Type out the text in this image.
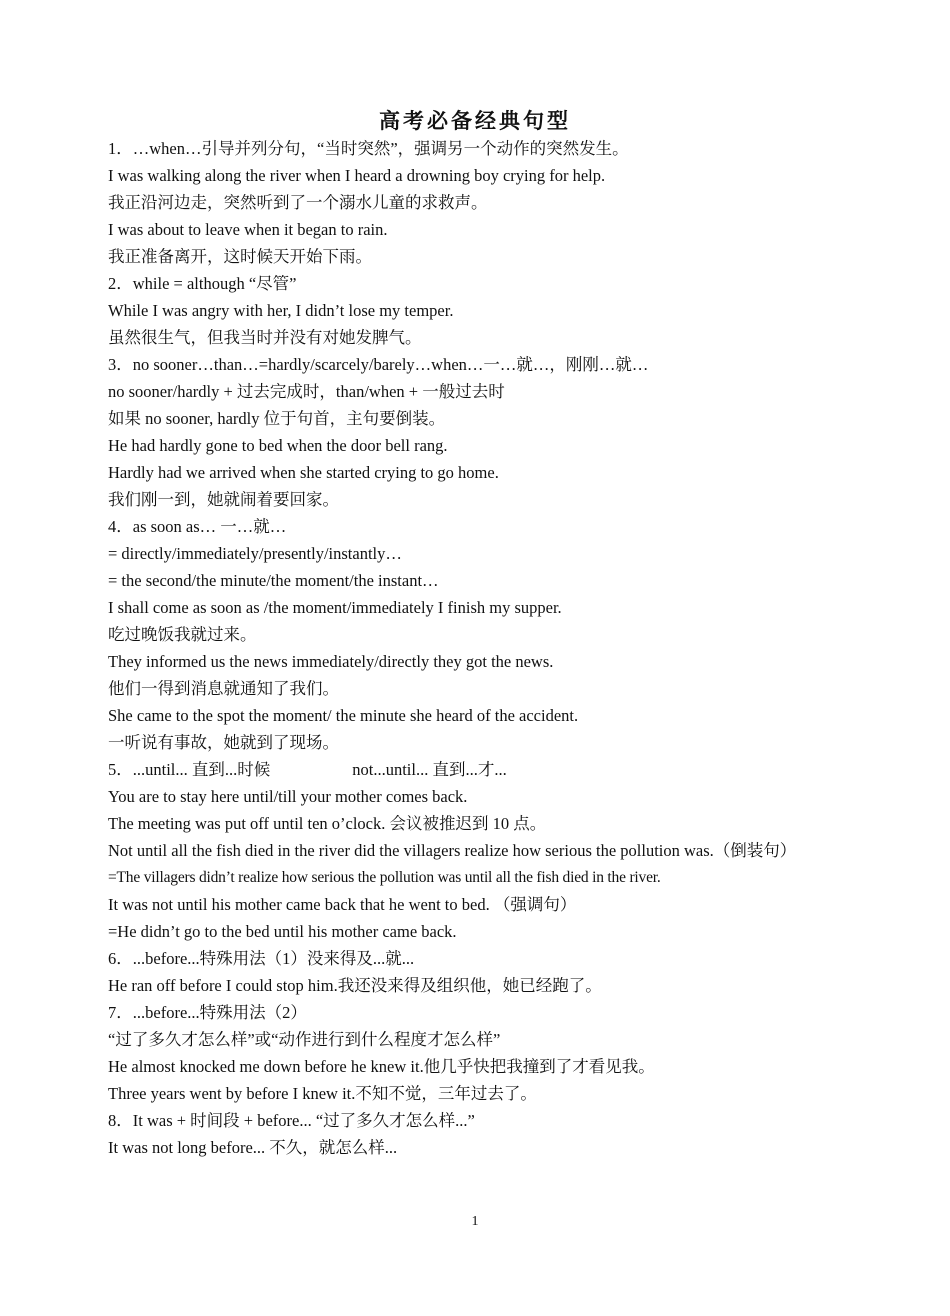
高考必备经典句型
1．…when…引导并列分句，“当时突然”，强调另一个动作的突然发生。
I was walking along the river when I heard a drowning boy crying for help.
我正沿河边走，突然听到了一个溺水儿童的求救声。
I was about to leave when it began to rain.
我正准备离开，这时候天开始下雨。
2．while = although “尽管”
While I was angry with her, I didn’t lose my temper.
虽然很生气，但我当时并没有对她发脾气。
3．no sooner…than…=hardly/scarcely/barely…when…一…就…，刚刚…就…
no sooner/hardly + 过去完成时，than/when + 一般过去时
如果 no sooner, hardly 位于句首，主句要倒装。
He had hardly gone to bed when the door bell rang.
Hardly had we arrived when she started crying to go home.
我们刚一到，她就闹着要回家。
4．as soon as… 一…就…
= directly/immediately/presently/instantly…
= the second/the minute/the moment/the instant…
I shall come as soon as /the moment/immediately I finish my supper.
吃过晚饭我就过来。
They informed us the news immediately/directly they got the news.
他们一得到消息就通知了我们。
She came to the spot the moment/ the minute she heard of the accident.
一听说有事故，她就到了现场。
5．...until... 直到...时候	not...until... 直到...才...
You are to stay here until/till your mother comes back.
The meeting was put off until ten o’clock. 会议被推迟到 10 点。
Not until all the fish died in the river did the villagers realize how serious the pollution was.（倒装句）
=The villagers didn’t realize how serious the pollution was until all the fish died in the river.
It was not until his mother came back that he went to bed. （强调句）
=He didn’t go to the bed until his mother came back.
6．...before...特殊用法（1）没来得及...就...
He ran off before I could stop him.我还没来得及组织他，她已经跑了。
7．...before...特殊用法（2）
“过了多久才怎么样”或“动作进行到什么程度才怎么样”
He almost knocked me down before he knew it.他几乎快把我撞到了才看见我。
Three years went by before I knew it.不知不觉，三年过去了。
8．It was + 时间段 + before... “过了多久才怎么样...”
It was not long before... 不久，就怎么样...
1
